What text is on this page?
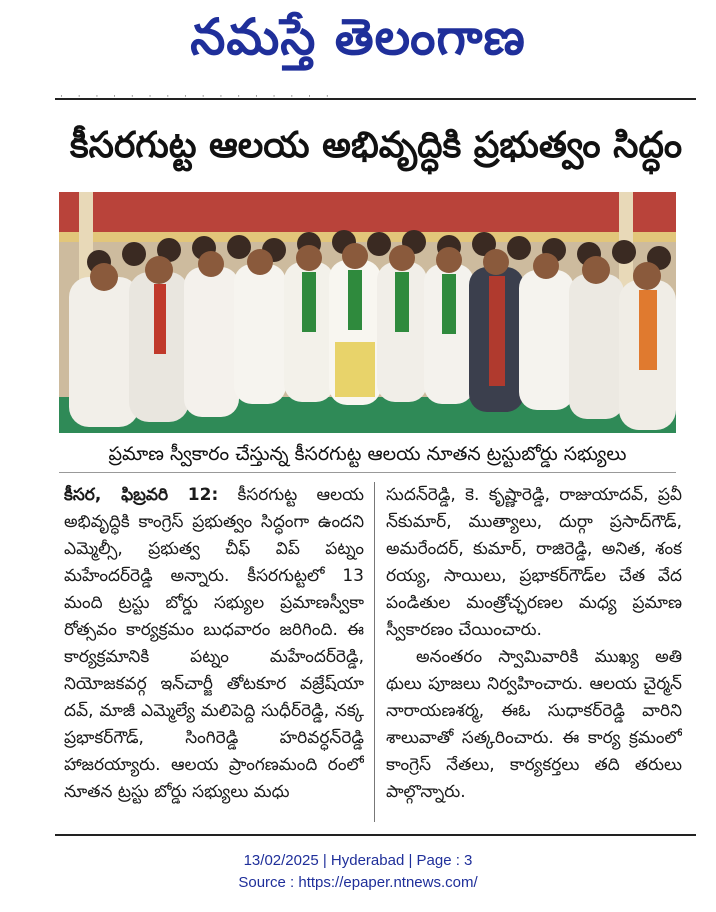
నమస్తే తెలంగాణ
· · · · · · · · · · · · · · · ·
కీసరగుట్ట ఆలయ అభివృద్ధికి ప్రభుత్వం సిద్ధం
ప్రమాణ స్వీకారం చేస్తున్న కీసరగుట్ట ఆలయ నూతన ట్రస్టుబోర్డు సభ్యులు

కీసర, ఫిబ్రవరి 12: కీసరగుట్ట ఆలయ అభివృద్ధికి కాంగ్రెస్ ప్రభుత్వం సిద్ధంగా ఉందని ఎమ్మెల్సీ, ప్రభుత్వ చీఫ్ విప్ పట్నం మహేందర్‌రెడ్డి అన్నారు. కీసరగుట్టలో 13 మంది ట్రస్టు బోర్డు సభ్యుల ప్రమాణస్వీకా రోత్సవం కార్యక్రమం బుధవారం జరిగింది. ఈ కార్యక్రమానికి పట్నం మహేందర్‌రెడ్డి, నియోజకవర్గ ఇన్‌చార్జీ తోటకూర వజ్రేష్‌యా దవ్, మాజీ ఎమ్మెల్యే మలిపెద్ది సుధీర్‌రెడ్డి, నక్క ప్రభాకర్‌గౌడ్, సింగిరెడ్డి హరివర్ధన్‌రెడ్డి హాజరయ్యారు. ఆలయ ప్రాంగణమంది రంలో నూతన ట్రస్టు బోర్డు సభ్యులు మధు

సుదన్‌రెడ్డి, కె. కృష్ణారెడ్డి, రాజుయాదవ్, ప్రవీ న్‌కుమార్, ముత్యాలు, దుర్గా ప్రసాద్‌గౌడ్, అమరేందర్, కుమార్, రాజిరెడ్డి, అనిత, శంక రయ్య, సాయిలు, ప్రభాకర్‌గౌడ్‌ల చేత వేద పండితుల మంత్రోచ్ఛరణల మధ్య ప్రమాణ స్వీకారణం చేయించారు.

అనంతరం స్వామివారికి ముఖ్య అతి థులు పూజలు నిర్వహించారు. ఆలయ చైర్మన్ నారాయణశర్మ, ఈఓ సుధాకర్‌రెడ్డి వారిని శాలువాతో సత్కరించారు. ఈ కార్య క్రమంలో కాంగ్రెస్ నేతలు, కార్యకర్తలు తది తరులు పాల్గొన్నారు.

13/02/2025 | Hyderabad | Page : 3
Source : https://epaper.ntnews.com/
